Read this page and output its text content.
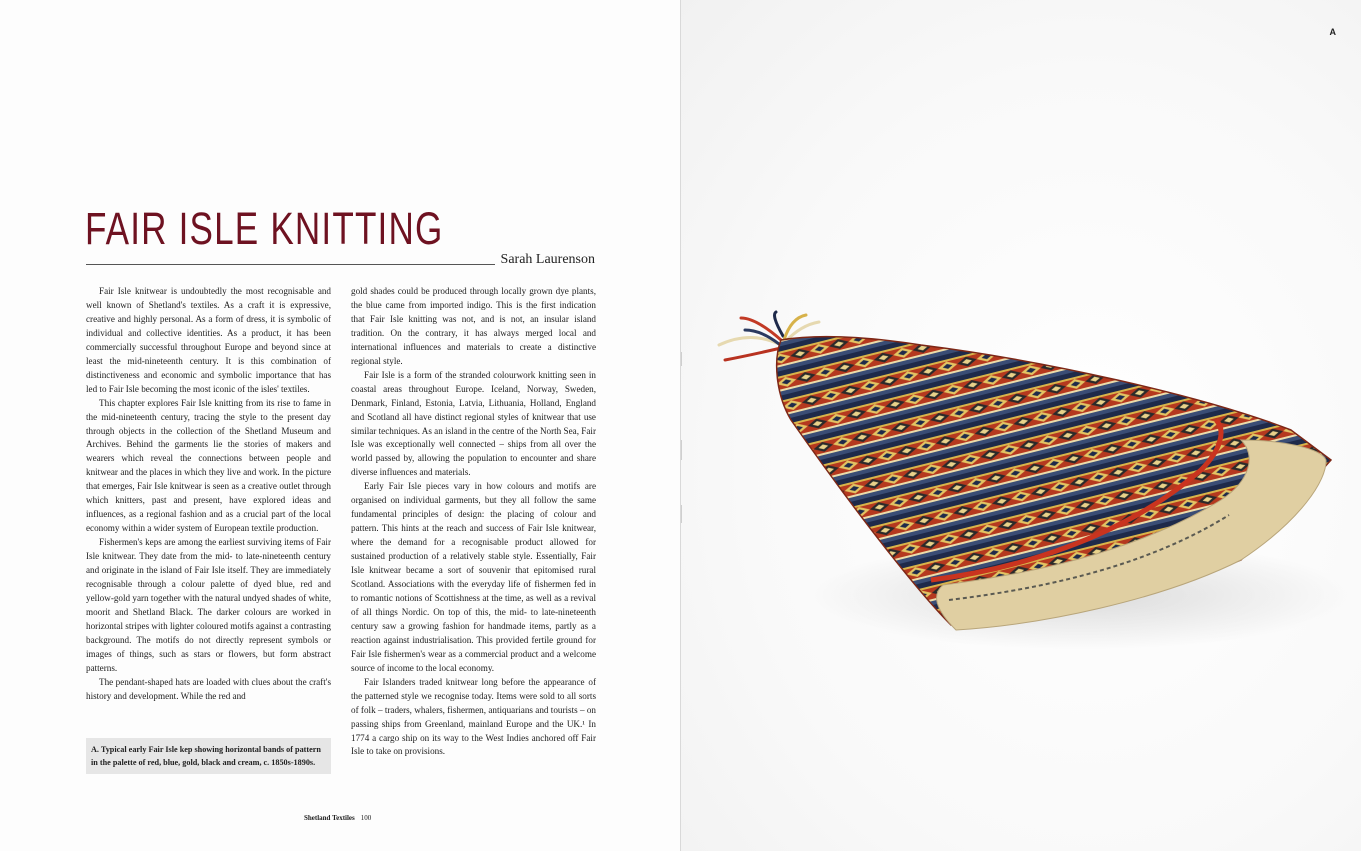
FAIR ISLE KNITTING
Sarah Laurenson

Fair Isle knitwear is undoubtedly the most recognisable and well known of Shetland's textiles. As a craft it is expressive, creative and highly personal. As a form of dress, it is symbolic of individual and collective identities. As a product, it has been commercially successful throughout Europe and beyond since at least the mid-nineteenth century. It is this combination of distinctiveness and economic and symbolic importance that has led to Fair Isle becoming the most iconic of the isles' textiles.

This chapter explores Fair Isle knitting from its rise to fame in the mid-nineteenth century, tracing the style to the present day through objects in the collection of the Shetland Museum and Archives. Behind the garments lie the stories of makers and wearers which reveal the connections between people and knitwear and the places in which they live and work. In the picture that emerges, Fair Isle knitwear is seen as a creative outlet through which knitters, past and present, have explored ideas and influences, as a regional fashion and as a crucial part of the local economy within a wider system of European textile production.

Fishermen's keps are among the earliest surviving items of Fair Isle knitwear. They date from the mid- to late-nineteenth century and originate in the island of Fair Isle itself. They are immediately recognisable through a colour palette of dyed blue, red and yellow-gold yarn together with the natural undyed shades of white, moorit and Shetland Black. The darker colours are worked in horizontal stripes with lighter coloured motifs against a contrasting background. The motifs do not directly represent symbols or images of things, such as stars or flowers, but form abstract patterns.

The pendant-shaped hats are loaded with clues about the craft's history and development. While the red and

gold shades could be produced through locally grown dye plants, the blue came from imported indigo. This is the first indication that Fair Isle knitting was not, and is not, an insular island tradition. On the contrary, it has always merged local and international influences and materials to create a distinctive regional style.

Fair Isle is a form of the stranded colourwork knitting seen in coastal areas throughout Europe. Iceland, Norway, Sweden, Denmark, Finland, Estonia, Latvia, Lithuania, Holland, England and Scotland all have distinct regional styles of knitwear that use similar techniques. As an island in the centre of the North Sea, Fair Isle was exceptionally well connected – ships from all over the world passed by, allowing the population to encounter and share diverse influences and materials.

Early Fair Isle pieces vary in how colours and motifs are organised on individual garments, but they all follow the same fundamental principles of design: the placing of colour and pattern. This hints at the reach and success of Fair Isle knitwear, where the demand for a recognisable product allowed for sustained production of a relatively stable style. Essentially, Fair Isle knitwear became a sort of souvenir that epitomised rural Scotland. Associations with the everyday life of fishermen fed in to romantic notions of Scottishness at the time, as well as a revival of all things Nordic. On top of this, the mid- to late-nineteenth century saw a growing fashion for handmade items, partly as a reaction against industrialisation. This provided fertile ground for Fair Isle fishermen's wear as a commercial product and a welcome source of income to the local economy.

Fair Islanders traded knitwear long before the appearance of the patterned style we recognise today. Items were sold to all sorts of folk – traders, whalers, fishermen, antiquarians and tourists – on passing ships from Greenland, mainland Europe and the UK.¹ In 1774 a cargo ship on its way to the West Indies anchored off Fair Isle to take on provisions.

A. Typical early Fair Isle kep showing horizontal bands of pattern in the palette of red, blue, gold, black and cream, c. 1850s-1890s.
Shetland Textiles 100
A
